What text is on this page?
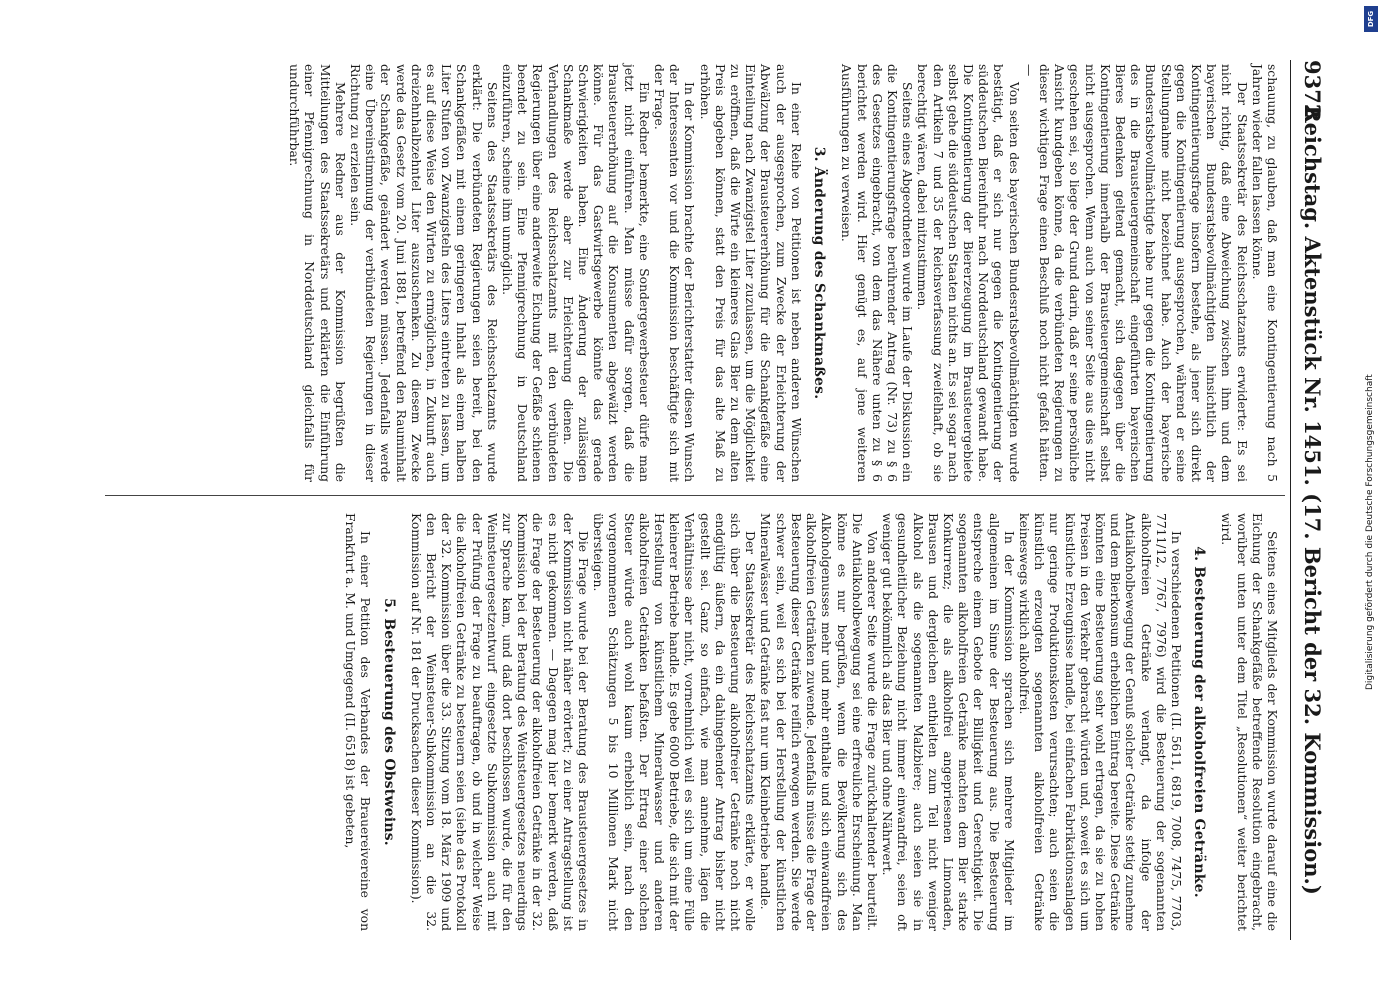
9372
Reichstag. Aktenstück Nr. 1451. (17. Bericht der 32. Kommission.)

schauung, zu glauben, daß man eine Kontingentierung nach 5 Jahren wieder fallen lassen könne.

Der Staatssekretär des Reichsschatzamts erwiderte: Es sei nicht richtig, daß eine Abweichung zwischen ihm und dem bayerischen Bundesratsbevollmächtigten hinsichtlich der Kontingentierungsfrage insofern bestehe, als jener sich direkt gegen die Kontingentierung ausgesprochen, während er seine Stellungnahme nicht bezeichnet habe. Auch der bayerische Bundesratsbevollmächtigte habe nur gegen die Kontingentierung des in die Brausteuergemeinschaft eingeführten bayerischen Bieres Bedenken geltend gemacht, sich dagegen über die Kontingentierung innerhalb der Brausteuergemeinschaft selbst nicht ausgesprochen. Wenn auch von seiner Seite aus dies nicht geschehen sei, so liege der Grund darin, daß er seine persönliche Ansicht kundgeben könne, da die verbündeten Regierungen zu dieser wichtigen Frage einen Beschluß noch nicht gefaßt hätten. —

Von seiten des bayerischen Bundesratsbevollmächtigten wurde bestätigt, daß er sich nur gegen die Kontingentierung der süddeutschen Biereinfuhr nach Norddeutschland gewandt habe. Die Kontingentierung der Biererzeugung im Brausteuergebiete selbst gehe die süddeutschen Staaten nichts an. Es sei sogar nach den Artikeln 7 und 35 der Reichsverfassung zweifelhaft, ob sie berechtigt wären, dabei mitzustimmen.

Seitens eines Abgeordneten wurde im Laufe der Diskussion ein die Kontingentierungsfrage berührender Antrag (Nr. 73) zu § 6 des Gesetzes eingebracht, von dem das Nähere unten zu § 6 berichtet werden wird. Hier genügt es, auf jene weiteren Ausführungen zu verweisen.

3. Änderung des Schankmaßes.

In einer Reihe von Petitionen ist neben anderen Wünschen auch der ausgesprochen, zum Zwecke der Erleichterung der Abwälzung der Brausteuererhöhung für die Schankgefäße eine Einteilung nach Zwanzigstel Liter zuzulassen, um die Möglichkeit zu eröffnen, daß die Wirte ein kleineres Glas Bier zu dem alten Preis abgeben können, statt den Preis für das alte Maß zu erhöhen.

In der Kommission brachte der Berichterstatter diesen Wunsch der Interessenten vor und die Kommission beschäftigte sich mit der Frage.

Ein Redner bemerkte, eine Sondergewerbesteuer dürfe man jetzt nicht einführen. Man müsse dafür sorgen, daß die Brausteuererhöhung auf die Konsumenten abgewälzt werden könne. Für das Gastwirtsgewerbe könnte das gerade Schwierigkeiten haben. Eine Änderung der zulässigen Schankmaße werde aber zur Erleichterung dienen. Die Verhandlungen des Reichsschatzamts mit den verbündeten Regierungen über eine anderweite Eichung der Gefäße schienen beendet zu sein. Eine Pfennigrechnung in Deutschland einzuführen, scheine ihm unmöglich.

Seitens des Staatssekretärs des Reichsschatzamts wurde erklärt: Die verbündeten Regierungen seien bereit, bei den Schankgefäßen mit einem geringeren Inhalt als einem halben Liter Stufen von Zwanzigsteln des Liters eintreten zu lassen, um es auf diese Weise den Wirten zu ermöglichen, in Zukunft auch dreizehnhalbzehntel Liter auszuschenken. Zu diesem Zwecke werde das Gesetz vom 20. Juni 1881, betreffend den Rauminhalt der Schankgefäße, geändert werden müssen. Jedenfalls werde eine Übereinstimmung der verbündeten Regierungen in dieser Richtung zu erzielen sein.

Mehrere Redner aus der Kommission begrüßten die Mitteilungen des Staatssekretärs und erklärten die Einführung einer Pfennigrechnung in Norddeutschland gleichfalls für undurchführbar.

Seitens eines Mitglieds der Kommission wurde darauf eine die Eichung der Schankgefäße betreffende Resolution eingebracht, worüber unten unter dem Titel „Resolutionen“ weiter berichtet wird.

4. Besteuerung der alkoholfreien Getränke.

In verschiedenen Petitionen (II. 5611, 6819, 7008, 7475, 7703, 7711/12, 7767, 7976) wird die Besteuerung der sogenannten alkoholfreien Getränke verlangt, da infolge der Antialkoholbewegung der Genuß solcher Getränke stetig zunehme und dem Bierkonsum erheblichen Eintrag bereite. Diese Getränke könnten eine Besteuerung sehr wohl ertragen, da sie zu hohen Preisen in den Verkehr gebracht würden und, soweit es sich um künstliche Erzeugnisse handle, bei einfachen Fabrikationsanlagen nur geringe Produktionskosten verursachten; auch seien die künstlich erzeugten sogenannten alkoholfreien Getränke keineswegs wirklich alkoholfrei.

In der Kommission sprachen sich mehrere Mitglieder im allgemeinen im Sinne der Besteuerung aus. Die Besteuerung entspreche einem Gebote der Billigkeit und Gerechtigkeit. Die sogenannten alkoholfreien Getränke machten dem Bier starke Konkurrenz; die als alkoholfrei angepriesenen Limonaden, Brausen und dergleichen enthielten zum Teil nicht weniger Alkohol als die sogenannten Malzbiere; auch seien sie in gesundheitlicher Beziehung nicht immer einwandfrei, seien oft weniger gut bekömmlich als das Bier und ohne Nährwert.

Von anderer Seite wurde die Frage zurückhaltender beurteilt. Die Antialkoholbewegung sei eine erfreuliche Erscheinung. Man könne es nur begrüßen, wenn die Bevölkerung sich des Alkoholgenusses mehr und mehr enthalte und sich einwandfreien alkoholfreien Getränken zuwende. Jedenfalls müsse die Frage der Besteuerung dieser Getränke reiflich erwogen werden. Sie werde schwer sein, weil es sich bei der Herstellung der künstlichen Mineralwässer und Getränke fast nur um Kleinbetriebe handle.

Der Staatssekretär des Reichsschatzamts erklärte, er wolle sich über die Besteuerung alkoholfreier Getränke noch nicht endgültig äußern, da ein dahingehender Antrag bisher nicht gestellt sei. Ganz so einfach, wie man annehme, lägen die Verhältnisse aber nicht, vornehmlich weil es sich um eine Fülle kleinerer Betriebe handle. Es gebe 6000 Betriebe, die sich mit der Herstellung von künstlichem Mineralwasser und anderen alkoholfreien Getränken befaßten. Der Ertrag einer solchen Steuer würde auch wohl kaum erheblich sein, nach den vorgenommenen Schätzungen 5 bis 10 Millionen Mark nicht übersteigen.

Die Frage wurde bei der Beratung des Brausteuergesetzes in der Kommission nicht näher erörtert; zu einer Antragstellung ist es nicht gekommen. — Dagegen mag hier bemerkt werden, daß die Frage der Besteuerung der alkoholfreien Getränke in der 32. Kommission bei der Beratung des Weinsteuergesetzes neuerdings zur Sprache kam, und daß dort beschlossen wurde, die für den Weinsteuergesetzentwurf eingesetzte Subkommission auch mit der Prüfung der Frage zu beauftragen, ob und in welcher Weise die alkoholfreien Getränke zu besteuern seien (siehe das Protokoll der 32. Kommission über die 33. Sitzung vom 18. März 1909 und den Bericht der Weinsteuer-Subkommission an die 32. Kommission auf Nr. 181 der Drucksachen dieser Kommission).

5. Besteuerung des Obstweins.

In einer Petition des Verbandes der Brauereivereine von Frankfurt a. M. und Umgegend (II. 6518) ist gebeten,

DFG
Digitalisierung gefördert durch die Deutsche Forschungsgemeinschaft
